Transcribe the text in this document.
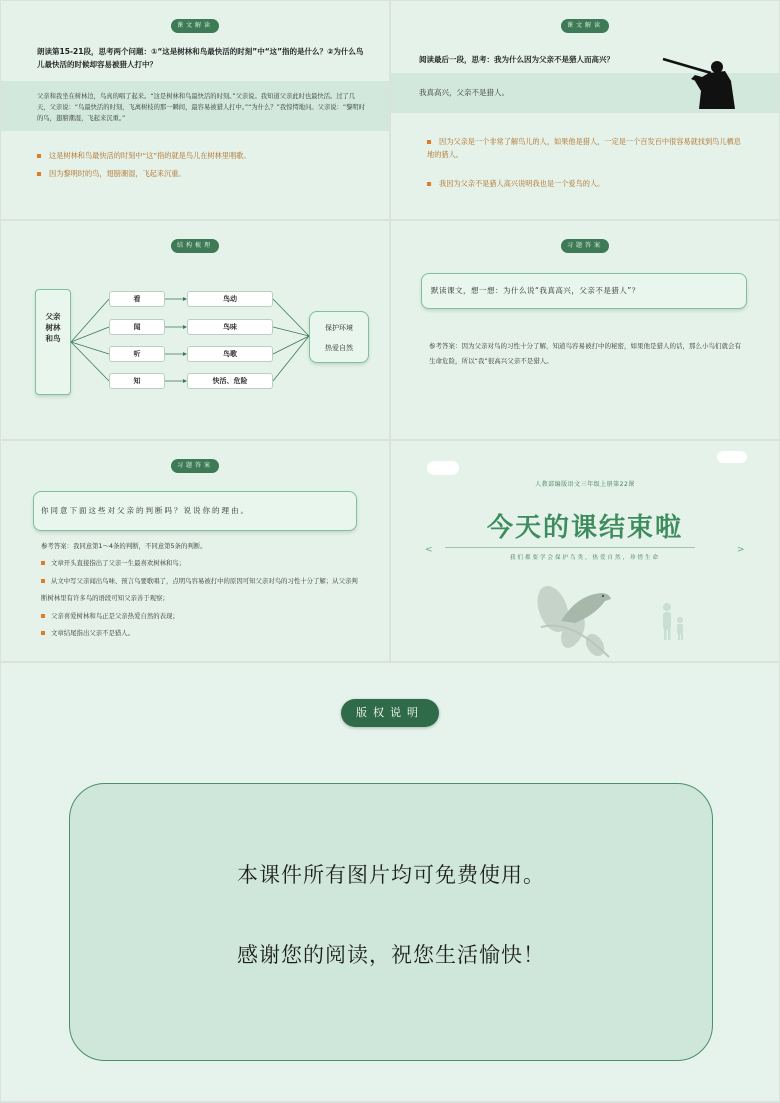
课文解读
朗读第15-21段，思考两个问题：①“这是树林和鸟最快活的时刻”中“这”指的是什么？②为什么鸟儿最快活的时候却容易被猎人打中？
父亲和我坐在树林边，鸟真的唱了起来。“这是树林和鸟最快活的时刻。”父亲说。我知道父亲此时也最快活。过了几天，父亲说：“鸟最快活的时刻，飞离树枝的那一瞬间，最容易被猎人打中。”“为什么？”我惊愕地问。父亲说：“黎明时的鸟，翅膀潮湿，飞起来沉重。”
这是树林和鸟最快活的时刻中“这”指的就是鸟儿在树林里唱歌。
因为黎明时的鸟，翅膀潮湿，飞起来沉重。
课文解读
阅读最后一段，思考：我为什么因为父亲不是猎人而高兴？
我真高兴，父亲不是猎人。
因为父亲是一个非常了解鸟儿的人，如果他是猎人，一定是一个百发百中很容易就找到鸟儿栖息地的猎人。
我因为父亲不是猎人高兴说明我也是一个爱鸟的人。
结构梳理
父亲 树林和鸟
看
闻
听
知
鸟动
鸟味
鸟歌
快活、危险
保护环境
热爱自然
习题答案
默读课文，想一想：为什么说“我真高兴，父亲不是猎人”？
参考答案：因为父亲对鸟的习性十分了解，知道鸟容易被打中的秘密，如果他是猎人的话，那么小鸟们就会有生命危险，所以“我”很高兴父亲不是猎人。
习题答案
你同意下面这些对父亲的判断吗？说说你的理由。
参考答案：我同意第1～4条的判断，不同意第5条的判断。
文章开头直接指出了父亲一生最喜欢树林和鸟；
从文中写父亲闻出鸟味、预言鸟要歌唱了，点明鸟容易被打中的原因可知父亲对鸟的习性十分了解；从父亲判断树林里有许多鸟的语段可知父亲善于观察；
父亲喜爱树林和鸟正是父亲热爱自然的表现；
文章结尾指出父亲不是猎人。
人教部编版语文三年级上册第22课
今天的课结束啦
我们都要学会保护鸟类，热爱自然，珍惜生命
<	>
版权说明
本课件所有图片均可免费使用。
感谢您的阅读，祝您生活愉快！
